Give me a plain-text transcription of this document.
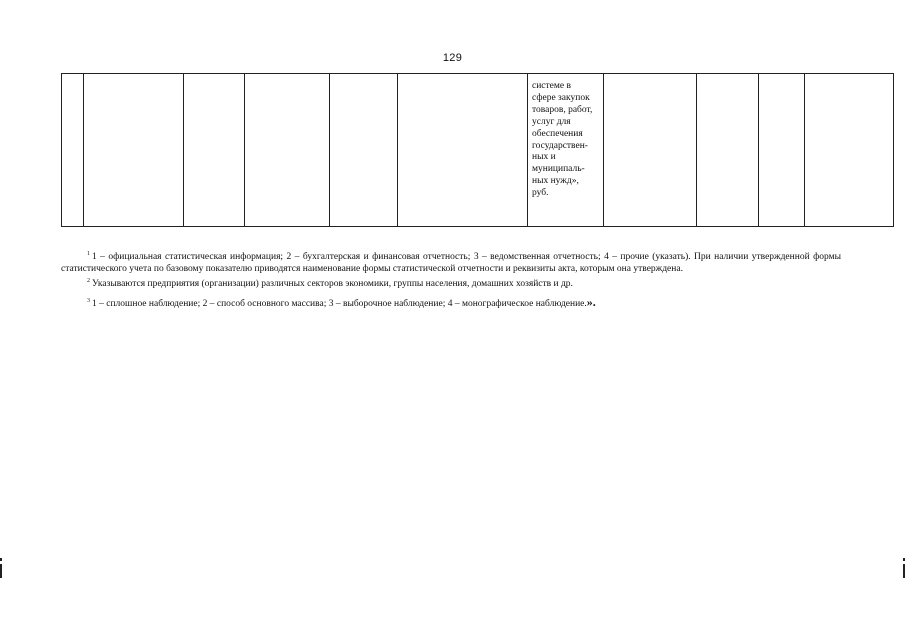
129

системе в
сфере закупок
товаров, работ,
услуг для
обеспечения
государствен-
ных и
муниципаль-
ных нужд»,
руб.

$^1$ 1 – официальная статистическая информация; 2 – бухгалтерская и финансовая отчетность; 3 – ведомственная отчетность; 4 – прочие (указать). При наличии утвержденной формы статистического учета по базовому показателю приводятся наименование формы статистической отчетности и реквизиты акта, которым она утверждена.

$^2$ Указываются предприятия (организации) различных секторов экономики, группы населения, домашних хозяйств и др.

$^3$ 1 – сплошное наблюдение; 2 – способ основного массива; 3 – выборочное наблюдение; 4 – монографическое наблюдение.».
